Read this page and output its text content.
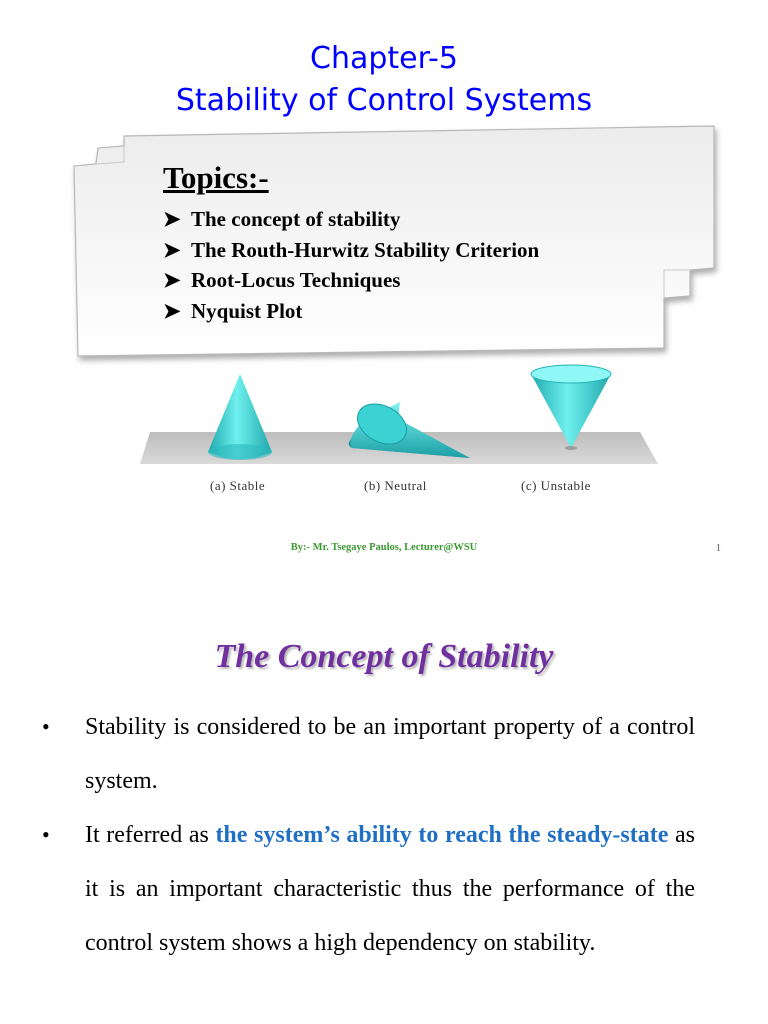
Chapter-5
Stability of Control Systems
Topics:-
➤ The concept of stability
➤ The Routh-Hurwitz Stability Criterion
➤ Root-Locus Techniques
➤ Nyquist Plot
(a) Stable	(b) Neutral	(c) Unstable
By:- Mr. Tsegaye Paulos, Lecturer@WSU	1
The Concept of Stability
• Stability is considered to be an important property of a control system.
• It referred as the system’s ability to reach the steady-state as it is an important characteristic thus the performance of the control system shows a high dependency on stability.
